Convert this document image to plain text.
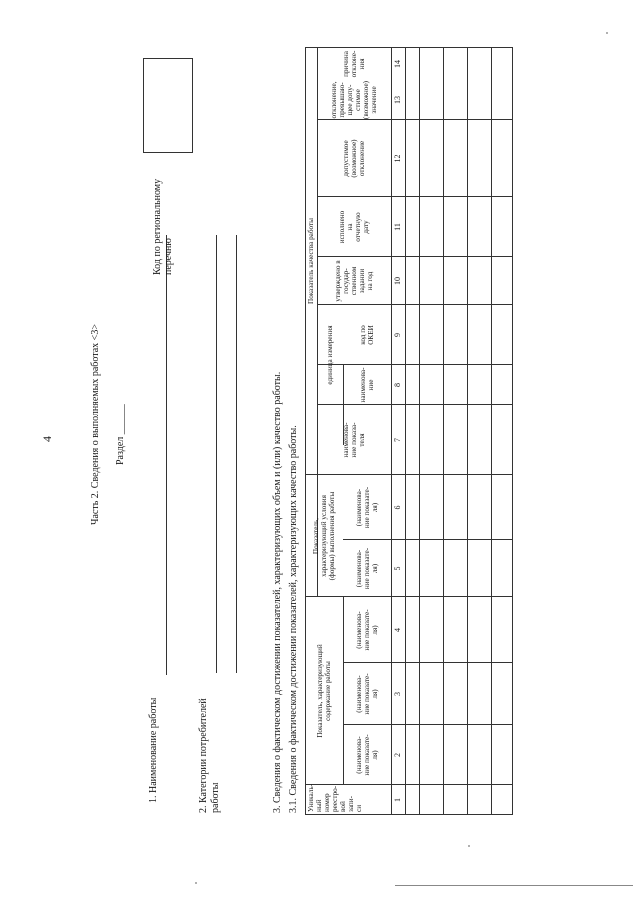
4	Часть 2. Сведения о выполняемых работах <3> Раздел ______
1. Наименование работы	2. Категории потребителей работы
Код по региональному перечню
3. Сведения о фактическом достижении показателей, характеризующих объем и (или) качество работы. 3.1. Сведения о фактическом достижении показателей, характеризующих качество работы. Уникаль- ный номер реестро- вой запи- си
Показатель, характеризующий содержание работы
Показатель, характеризующий условия (формы) выполнения работы
Показатель качества работы
(наименова- ние показате- ля)
(наименова- ние показате- ля)
(наименова- ние показате- ля)
(наименова- ние показате- ля)
(наименова- ние показате- ля)
наименова- ние показа- теля
единица измерения
наименова- ние
код по ОКЕИ
утверждено в государ- ственном задании на год
исполнено на отчетную дату
допустимое (возможное) отклонение
отклонение, превышаю- щее допу- стимое (возможное) значение
причина отклоне- ния
1
2
3
4
5
6
7
8
9
10
11
12
13
14
